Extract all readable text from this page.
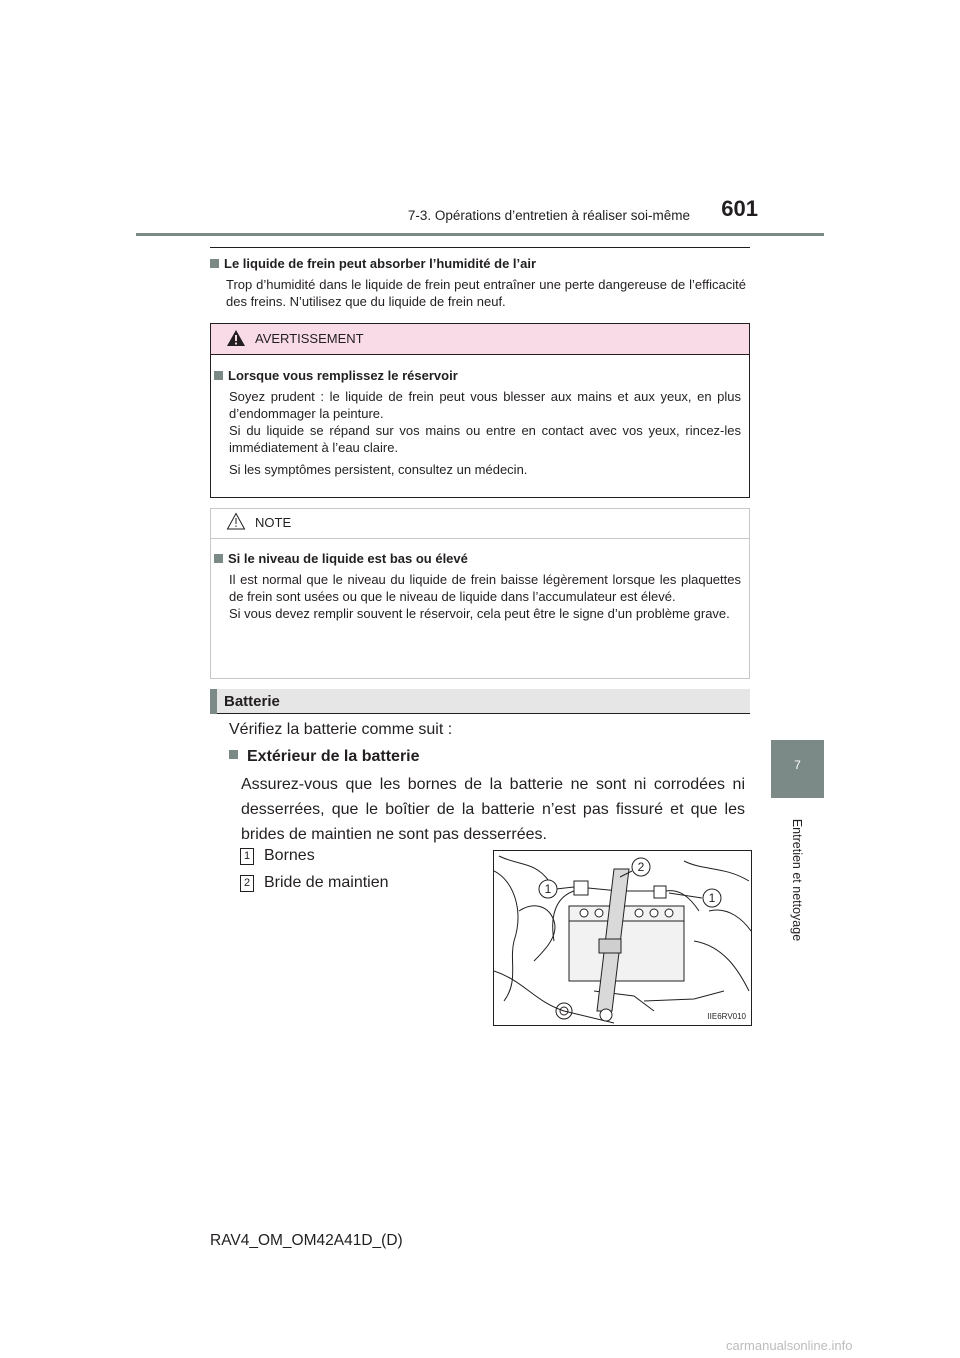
7-3. Opérations d’entretien à réaliser soi-même	601
7
Entretien et nettoyage
Le liquide de frein peut absorber l’humidité de l’air
Trop d’humidité dans le liquide de frein peut entraîner une perte dangereuse de l’efficacité des freins. N’utilisez que du liquide de frein neuf.
AVERTISSEMENT
Lorsque vous remplissez le réservoir

Soyez prudent : le liquide de frein peut vous blesser aux mains et aux yeux, en plus d’endommager la peinture.

Si du liquide se répand sur vos mains ou entre en contact avec vos yeux, rincez-les immédiatement à l’eau claire.

Si les symptômes persistent, consultez un médecin.

NOTE
Si le niveau de liquide est bas ou élevé
Il est normal que le niveau du liquide de frein baisse légèrement lorsque les plaquettes de frein sont usées ou que le niveau de liquide dans l’accumulateur est élevé.
Si vous devez remplir souvent le réservoir, cela peut être le signe d’un problème grave.
Batterie
Vérifiez la batterie comme suit :
Extérieur de la batterie
Assurez-vous que les bornes de la batterie ne sont ni corrodées ni desserrées, que le boîtier de la batterie n’est pas fissuré et que les brides de maintien ne sont pas desserrées.
1 Bornes
2 Bride de maintien	1
2
1
IIE6RV010
RAV4_OM_OM42A41D_(D)
carmanualsonline.info
